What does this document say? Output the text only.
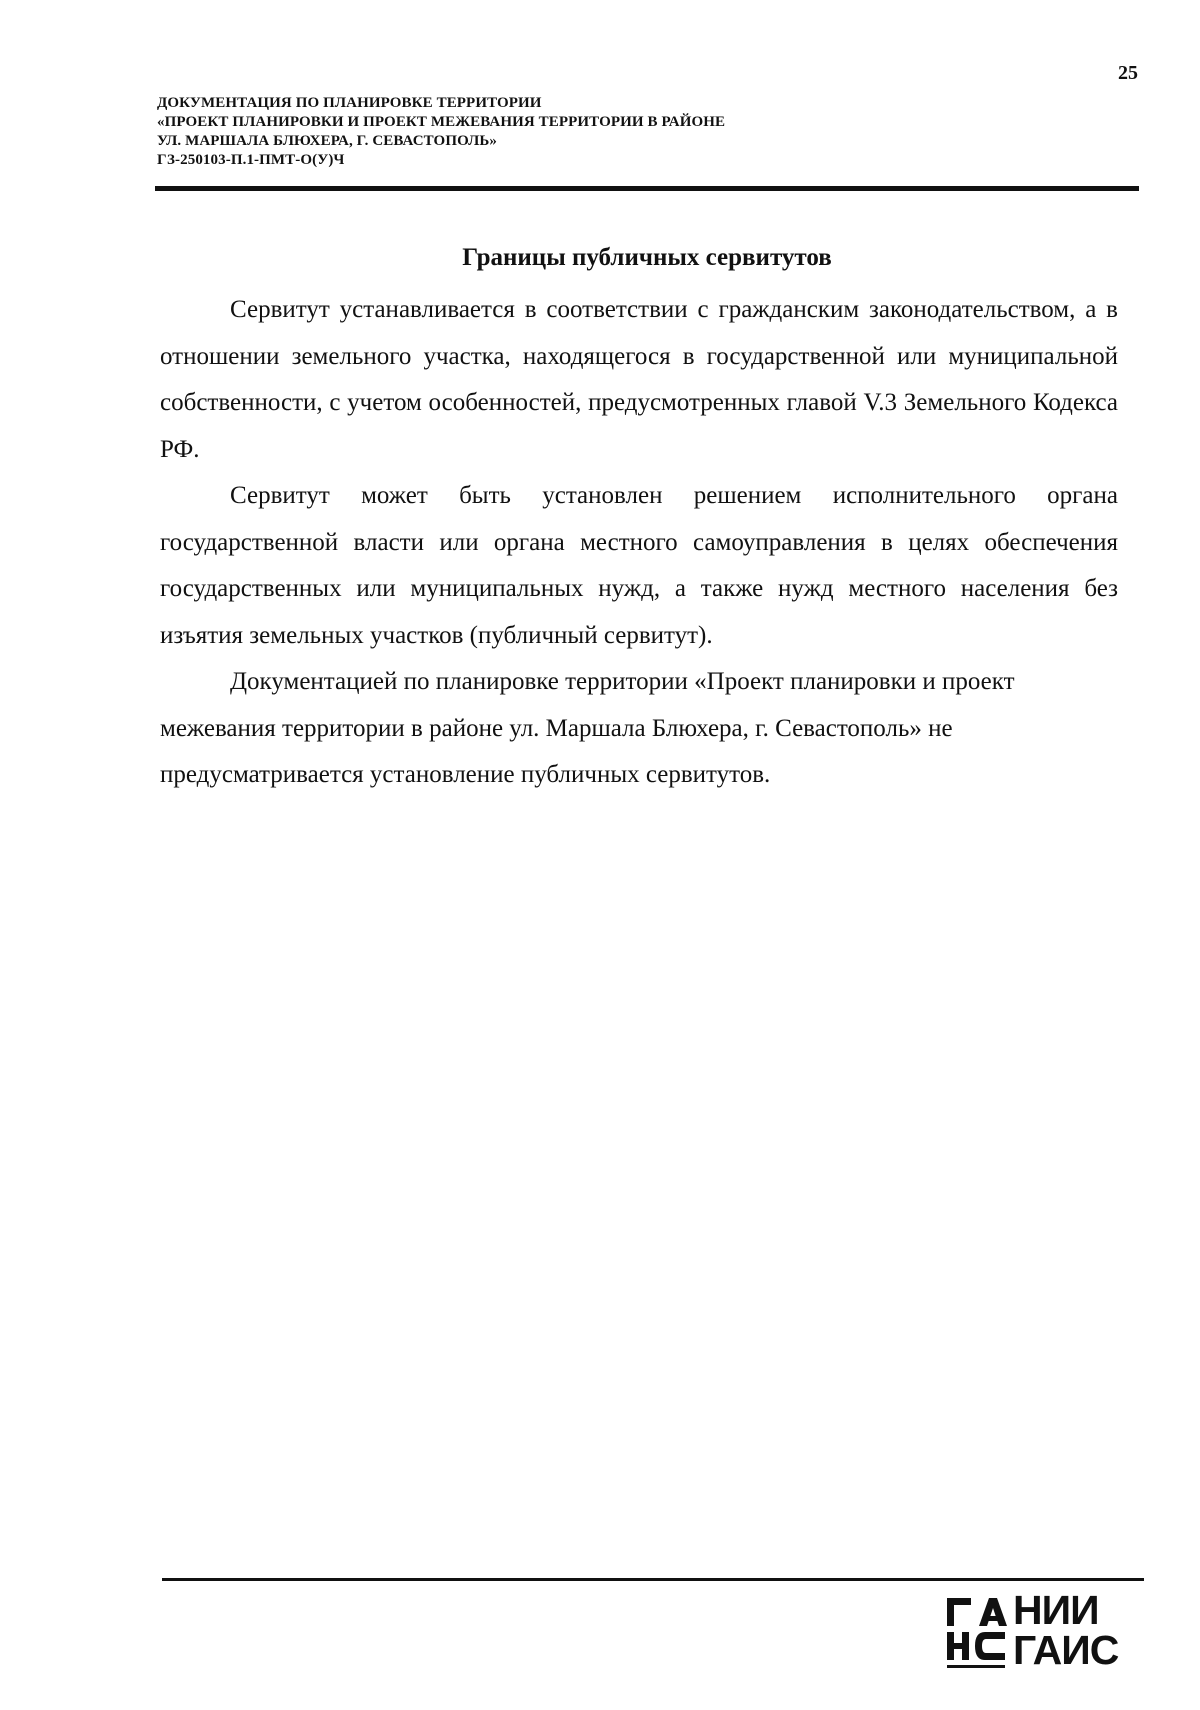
25
ДОКУМЕНТАЦИЯ ПО ПЛАНИРОВКЕ ТЕРРИТОРИИ
«ПРОЕКТ ПЛАНИРОВКИ И ПРОЕКТ МЕЖЕВАНИЯ ТЕРРИТОРИИ В РАЙОНЕ
УЛ. МАРШАЛА БЛЮХЕРА, Г. СЕВАСТОПОЛЬ»
ГЗ-250103-П.1-ПМТ-О(У)Ч
Границы публичных сервитутов

Сервитут устанавливается в соответствии с гражданским законодательством, а в отношении земельного участка, находящегося в государственной или муниципальной собственности, с учетом особенностей, предусмотренных главой V.3 Земельного Кодекса РФ.

Сервитут может быть установлен решением исполнительного органа государственной власти или органа местного самоуправления в целях обеспечения государственных или муниципальных нужд, а также нужд местного населения без изъятия земельных участков (публичный сервитут).

Документацией по планировке территории «Проект планировки и проект межевания территории в районе ул. Маршала Блюхера, г. Севастополь» не предусматривается установление публичных сервитутов.

НИИ
ГАИС
